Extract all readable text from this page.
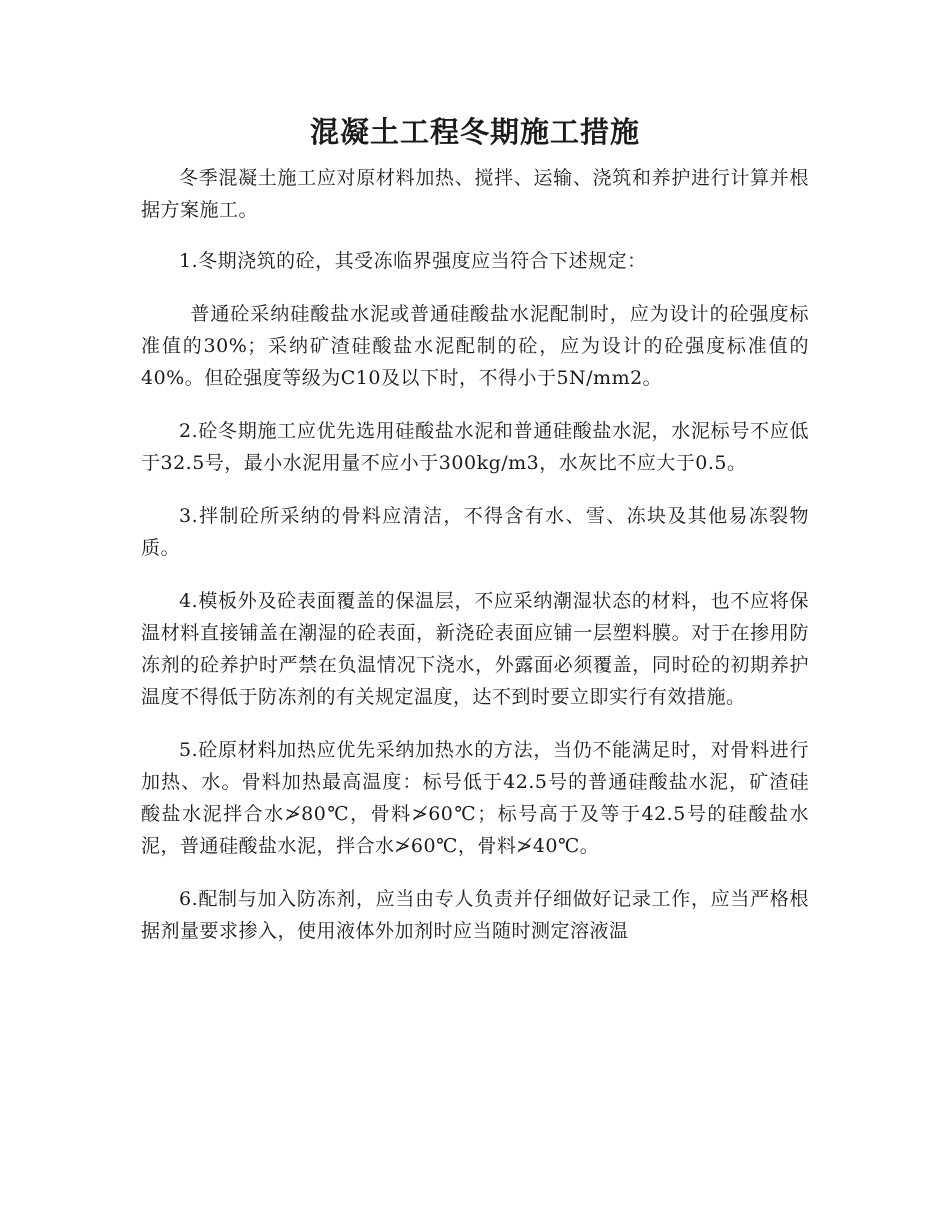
混凝土工程冬期施工措施

冬季混凝土施工应对原材料加热、搅拌、运输、浇筑和养护进行计算并根据方案施工。

1.冬期浇筑的砼，其受冻临界强度应当符合下述规定：

普通砼采纳硅酸盐水泥或普通硅酸盐水泥配制时，应为设计的砼强度标准值的30%；采纳矿渣硅酸盐水泥配制的砼，应为设计的砼强度标准值的40%。但砼强度等级为C10及以下时，不得小于5N/mm2。

2.砼冬期施工应优先选用硅酸盐水泥和普通硅酸盐水泥，水泥标号不应低于32.5号，最小水泥用量不应小于300kg/m3，水灰比不应大于0.5。

3.拌制砼所采纳的骨料应清洁，不得含有水、雪、冻块及其他易冻裂物质。

4.模板外及砼表面覆盖的保温层，不应采纳潮湿状态的材料，也不应将保温材料直接铺盖在潮湿的砼表面，新浇砼表面应铺一层塑料膜。对于在掺用防冻剂的砼养护时严禁在负温情况下浇水，外露面必须覆盖，同时砼的初期养护温度不得低于防冻剂的有关规定温度，达不到时要立即实行有效措施。

5.砼原材料加热应优先采纳加热水的方法，当仍不能满足时，对骨料进行加热、水。骨料加热最高温度：标号低于42.5号的普通硅酸盐水泥，矿渣硅酸盐水泥拌合水≯80℃，骨料≯60℃；标号高于及等于42.5号的硅酸盐水泥，普通硅酸盐水泥，拌合水≯60℃，骨料≯40℃。

6.配制与加入防冻剂，应当由专人负责并仔细做好记录工作，应当严格根据剂量要求掺入，使用液体外加剂时应当随时测定溶液温
